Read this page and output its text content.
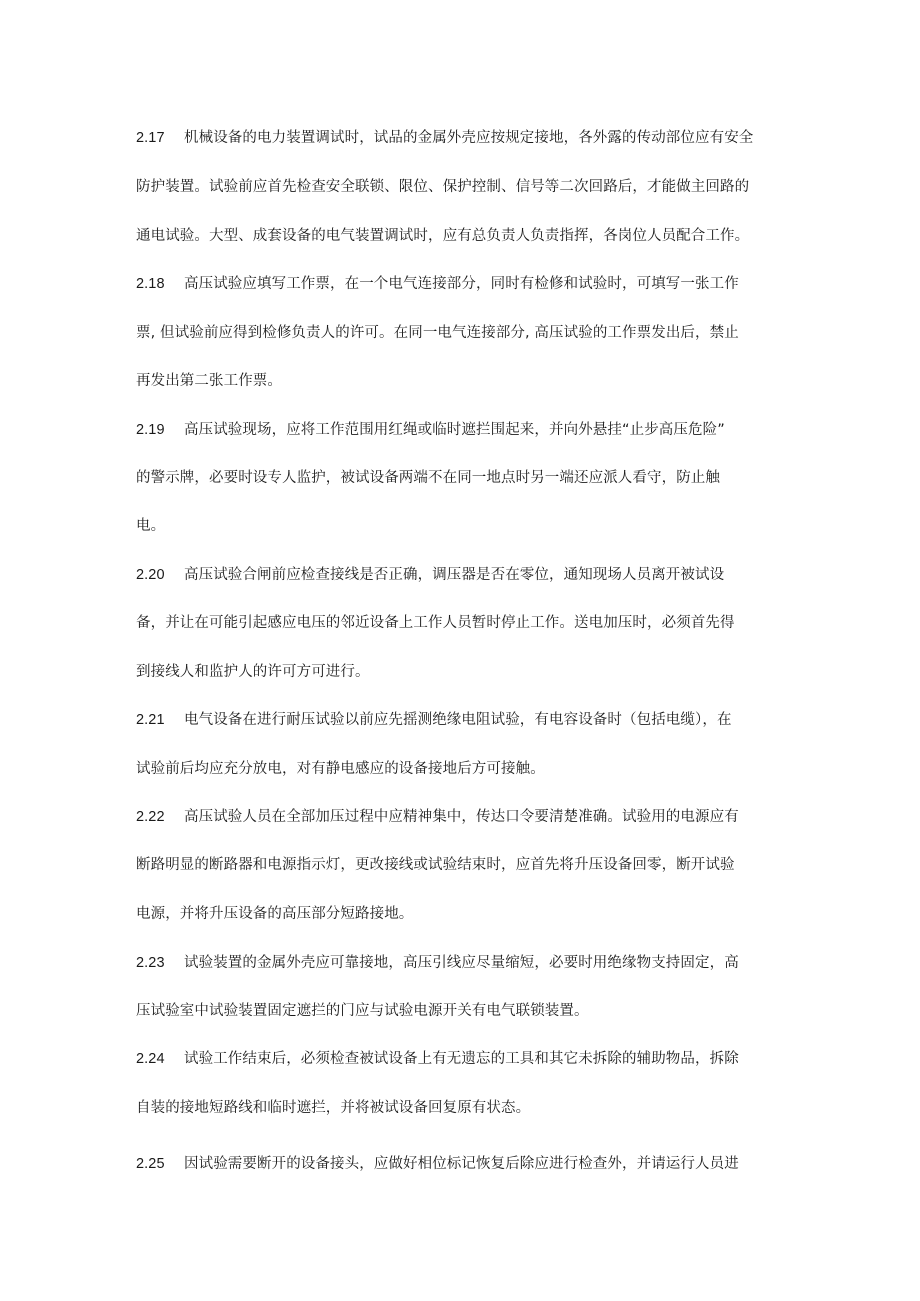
2.17 机械设备的电力装置调试时，试品的金属外壳应按规定接地，各外露的传动部位应有安全
防护装置。试验前应首先检查安全联锁、限位、保护控制、信号等二次回路后，才能做主回路的
通电试验。大型、成套设备的电气装置调试时，应有总负责人负责指挥，各岗位人员配合工作。
2.18 高压试验应填写工作票，在一个电气连接部分，同时有检修和试验时，可填写一张工作
票, 但试验前应得到检修负责人的许可。在同一电气连接部分, 高压试验的工作票发出后，禁止
再发出第二张工作票。
2.19 高压试验现场，应将工作范围用红绳或临时遮拦围起来，并向外悬挂“止步高压危险”
的警示牌，必要时设专人监护，被试设备两端不在同一地点时另一端还应派人看守，防止触
电。
2.20 高压试验合闸前应检查接线是否正确，调压器是否在零位，通知现场人员离开被试设
备，并让在可能引起感应电压的邻近设备上工作人员暂时停止工作。送电加压时，必须首先得
到接线人和监护人的许可方可进行。
2.21 电气设备在进行耐压试验以前应先摇测绝缘电阻试验，有电容设备时（包括电缆），在
试验前后均应充分放电，对有静电感应的设备接地后方可接触。
2.22 高压试验人员在全部加压过程中应精神集中，传达口令要清楚准确。试验用的电源应有
断路明显的断路器和电源指示灯，更改接线或试验结束时，应首先将升压设备回零，断开试验
电源，并将升压设备的高压部分短路接地。
2.23 试验装置的金属外壳应可靠接地，高压引线应尽量缩短，必要时用绝缘物支持固定，高
压试验室中试验装置固定遮拦的门应与试验电源开关有电气联锁装置。
2.24 试验工作结束后，必须检查被试设备上有无遗忘的工具和其它未拆除的辅助物品，拆除
自装的接地短路线和临时遮拦，并将被试设备回复原有状态。
2.25 因试验需要断开的设备接头，应做好相位标记恢复后除应进行检查外，并请运行人员进
